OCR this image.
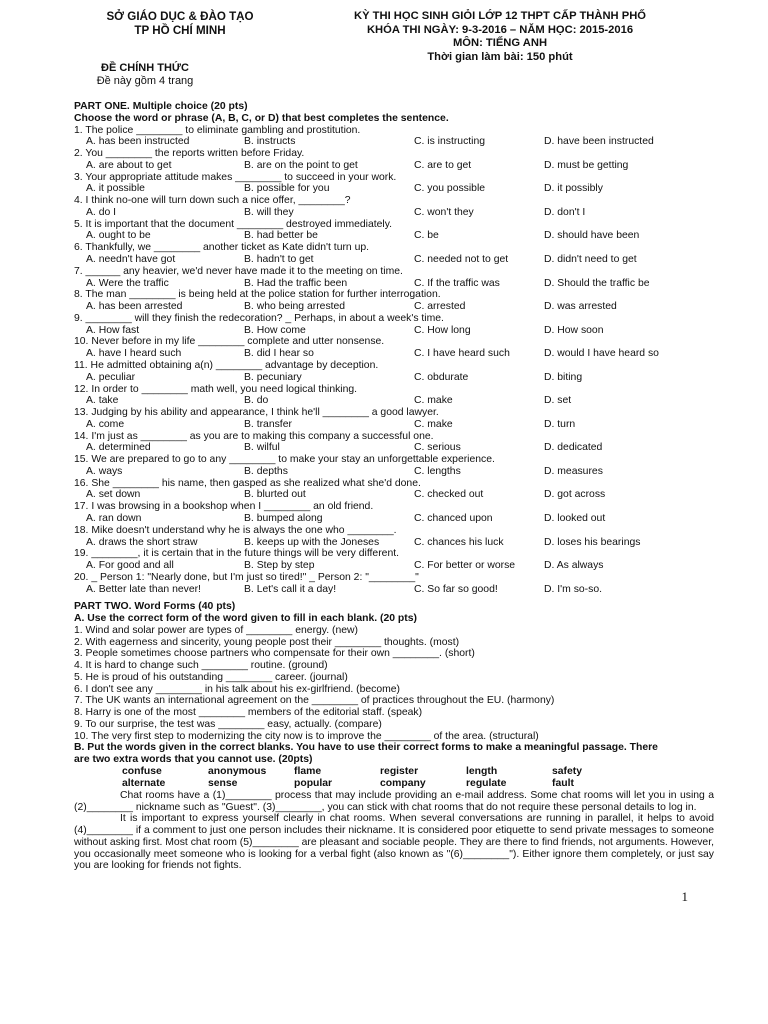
SỞ GIÁO DỤC & ĐÀO TẠO
TP HỒ CHÍ MINH
KỲ THI HỌC SINH GIỎI LỚP 12 THPT CẤP THÀNH PHỐ
KHÓA THI NGÀY: 9-3-2016 – NĂM HỌC: 2015-2016
MÔN: TIẾNG ANH
Thời gian làm bài: 150 phút
ĐỀ CHÍNH THỨC
Đề này gồm 4 trang
PART ONE. Multiple choice (20 pts)
Choose the word or phrase (A, B, C, or D) that best completes the sentence.
1. The police ________ to eliminate gambling and prostitution.
A. has been instructed	B. instructs	C. is instructing	D. have been instructed
2. You ________ the reports written before Friday.
A. are about to get	B. are on the point to get	C. are to get	D. must be getting
3. Your appropriate attitude makes ________ to succeed in your work.
A. it possible	B. possible for you	C. you possible	D. it possibly
4. I think no-one will turn down such a nice offer, ________?
A. do I	B. will they	C. won't they	D. don't I
5. It is important that the document ________ destroyed immediately.
A. ought to be	B. had better be	C. be	D. should have been
6. Thankfully, we ________ another ticket as Kate didn't turn up.
A. needn't have got	B. hadn't to get	C. needed not to get	D. didn't need to get
7. ______ any heavier, we'd never have made it to the meeting on time.
A. Were the traffic	B. Had the traffic been	C. If the traffic was	D. Should the traffic be
8. The man ________ is being held at the police station for further interrogation.
A. has been arrested	B. who being arrested	C. arrested	D. was arrested
9. ________ will they finish the redecoration? _ Perhaps, in about a week's time.
A. How fast	B. How come	C. How long	D. How soon
10. Never before in my life ________ complete and utter nonsense.
A. have I heard such	B. did I hear so	C. I have heard such	D. would I have heard so
11. He admitted obtaining a(n) ________ advantage by deception.
A. peculiar	B. pecuniary	C. obdurate	D. biting
12. In order to ________ math well, you need logical thinking.
A. take	B. do	C. make	D. set
13. Judging by his ability and appearance, I think he'll ________ a good lawyer.
A. come	B. transfer	C. make	D. turn
14. I'm just as ________ as you are to making this company a successful one.
A. determined	B. wilful	C. serious	D. dedicated
15. We are prepared to go to any ________ to make your stay an unforgettable experience.
A. ways	B. depths	C. lengths	D. measures
16. She ________ his name, then gasped as she realized what she'd done.
A. set down	B. blurted out	C. checked out	D. got across
17. I was browsing in a bookshop when I ________ an old friend.
A. ran down	B. bumped along	C. chanced upon	D. looked out
18. Mike doesn't understand why he is always the one who ________.
A. draws the short straw	B. keeps up with the Joneses	C. chances his luck	D. loses his bearings
19. ________, it is certain that in the future things will be very different.
A. For good and all	B. Step by step	C. For better or worse	D. As always
20. _ Person 1: "Nearly done, but I'm just so tired!" _ Person 2: "________"
A. Better late than never!	B. Let's call it a day!	C. So far so good!	D. I'm so-so.
PART TWO. Word Forms (40 pts)
A. Use the correct form of the word given to fill in each blank. (20 pts)
1. Wind and solar power are types of ________ energy. (new)
2. With eagerness and sincerity, young people post their ________ thoughts. (most)
3. People sometimes choose partners who compensate for their own ________. (short)
4. It is hard to change such ________ routine. (ground)
5. He is proud of his outstanding ________ career. (journal)
6. I don't see any ________ in his talk about his ex-girlfriend. (become)
7. The UK wants an international agreement on the ________ of practices throughout the EU. (harmony)
8. Harry is one of the most ________ members of the editorial staff. (speak)
9. To our surprise, the test was ________ easy, actually. (compare)
10. The very first step to modernizing the city now is to improve the ________ of the area. (structural)
B. Put the words given in the correct blanks. You have to use their correct forms to make a meaningful passage. There
are two extra words that you cannot use. (20pts)
confuse	anonymous	flame	register	length	safety
alternate	sense	popular	company	regulate	fault

Chat rooms have a (1)________ process that may include providing an e-mail address. Some chat rooms will let you in using a (2)________ nickname such as "Guest". (3)________, you can stick with chat rooms that do not require these personal details to log in.

It is important to express yourself clearly in chat rooms. When several conversations are running in parallel, it helps to avoid (4)________ if a comment to just one person includes their nickname. It is considered poor etiquette to send private messages to someone without asking first. Most chat room (5)________ are pleasant and sociable people. They are there to find friends, not arguments. However, you occasionally meet someone who is looking for a verbal fight (also known as "(6)________"). Either ignore them completely, or just say you are looking for friends not fights.

1
